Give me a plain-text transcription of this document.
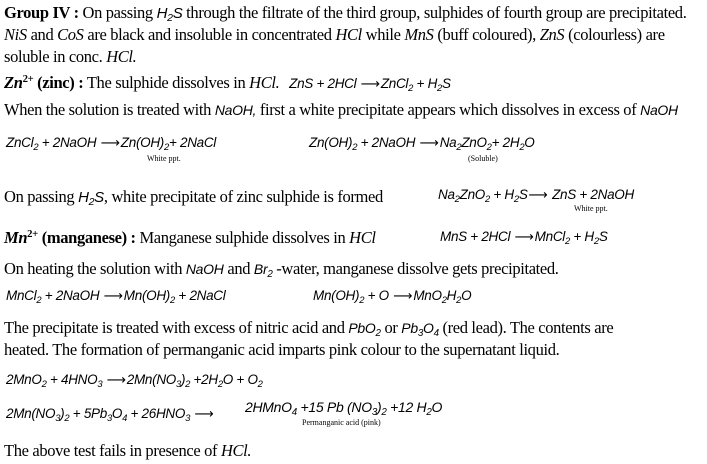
Group IV : On passing $H_2S$ through the filtrate of the third group, sulphides of fourth group are precipitated.
NiS and CoS are black and insoluble in concentrated HCl while MnS (buff coloured), ZnS (colourless) are
soluble in conc. HCl.
$Zn^{2+}$ (zinc) : The sulphide dissolves in HCl. ZnS + 2HCl ⟶ZnCl$_2$ + $H_2S$
When the solution is treated with NaOH, first a white precipitate appears which dissolves in excess of NaOH
ZnCl$_2$ + 2NaOH $⟶Zn(OH)_2+$ 2NaCl
White ppt.
$Zn(OH)_2$ + 2NaOH $⟶Na_2ZnO_2+ 2H_2O$
(Soluble)
On passing $H_2S$, white precipitate of zinc sulphide is formed	$Na_2ZnO_2$ + $H_2S⟶$ ZnS + 2NaOH
White ppt.
$Mn^{2+}$ (manganese) : Manganese sulphide dissolves in HCl	MnS + 2HCl ⟶MnCl$_2$ + $H_2S$
On heating the solution with NaOH and $Br_2$ -water, manganese dissolve gets precipitated.
MnCl$_2$ + 2NaOH $⟶Mn(OH)_2$ + 2NaCl	$Mn(OH)_2 + O$ $⟶MnO_2H_2O$
The precipitate is treated with excess of nitric acid and PbO$_2$ or $Pb_3O_4$ (red lead). The contents are
heated. The formation of permanganic acid imparts pink colour to the supernatant liquid.
$2MnO_2 + 4HNO_3$ $⟶2Mn(NO_3)_2 +2H_2O + O_2$
$2Mn(NO_3)_2 + 5Pb_3O_4 + 26HNO_3$ ⟶ 2HMnO$_4$ +15 Pb $(NO_3)_2 +12$ $H_2O$
Permanganic acid (pink)
The above test fails in presence of HCl.
